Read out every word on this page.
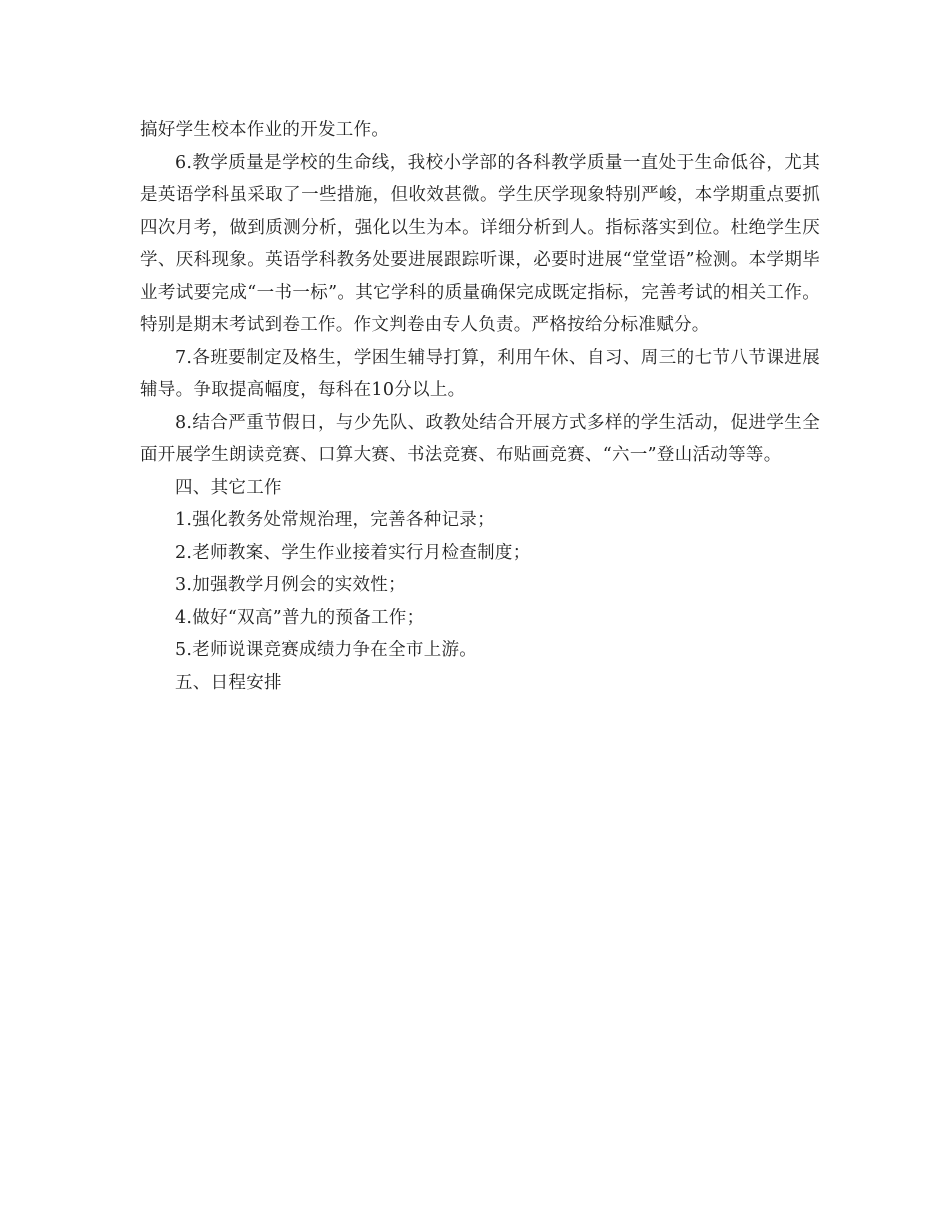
搞好学生校本作业的开发工作。

6.教学质量是学校的生命线，我校小学部的各科教学质量一直处于生命低谷，尤其是英语学科虽采取了一些措施，但收效甚微。学生厌学现象特别严峻，本学期重点要抓四次月考，做到质测分析，强化以生为本。详细分析到人。指标落实到位。杜绝学生厌学、厌科现象。英语学科教务处要进展跟踪听课，必要时进展“堂堂语”检测。本学期毕业考试要完成“一书一标”。其它学科的质量确保完成既定指标，完善考试的相关工作。特别是期末考试到卷工作。作文判卷由专人负责。严格按给分标准赋分。

7.各班要制定及格生，学困生辅导打算，利用午休、自习、周三的七节八节课进展辅导。争取提高幅度，每科在10分以上。

8.结合严重节假日，与少先队、政教处结合开展方式多样的学生活动，促进学生全面开展学生朗读竞赛、口算大赛、书法竞赛、布贴画竞赛、“六一”登山活动等等。

四、其它工作

1.强化教务处常规治理，完善各种记录；

2.老师教案、学生作业接着实行月检查制度；

3.加强教学月例会的实效性；

4.做好“双高”普九的预备工作；

5.老师说课竞赛成绩力争在全市上游。

五、日程安排
